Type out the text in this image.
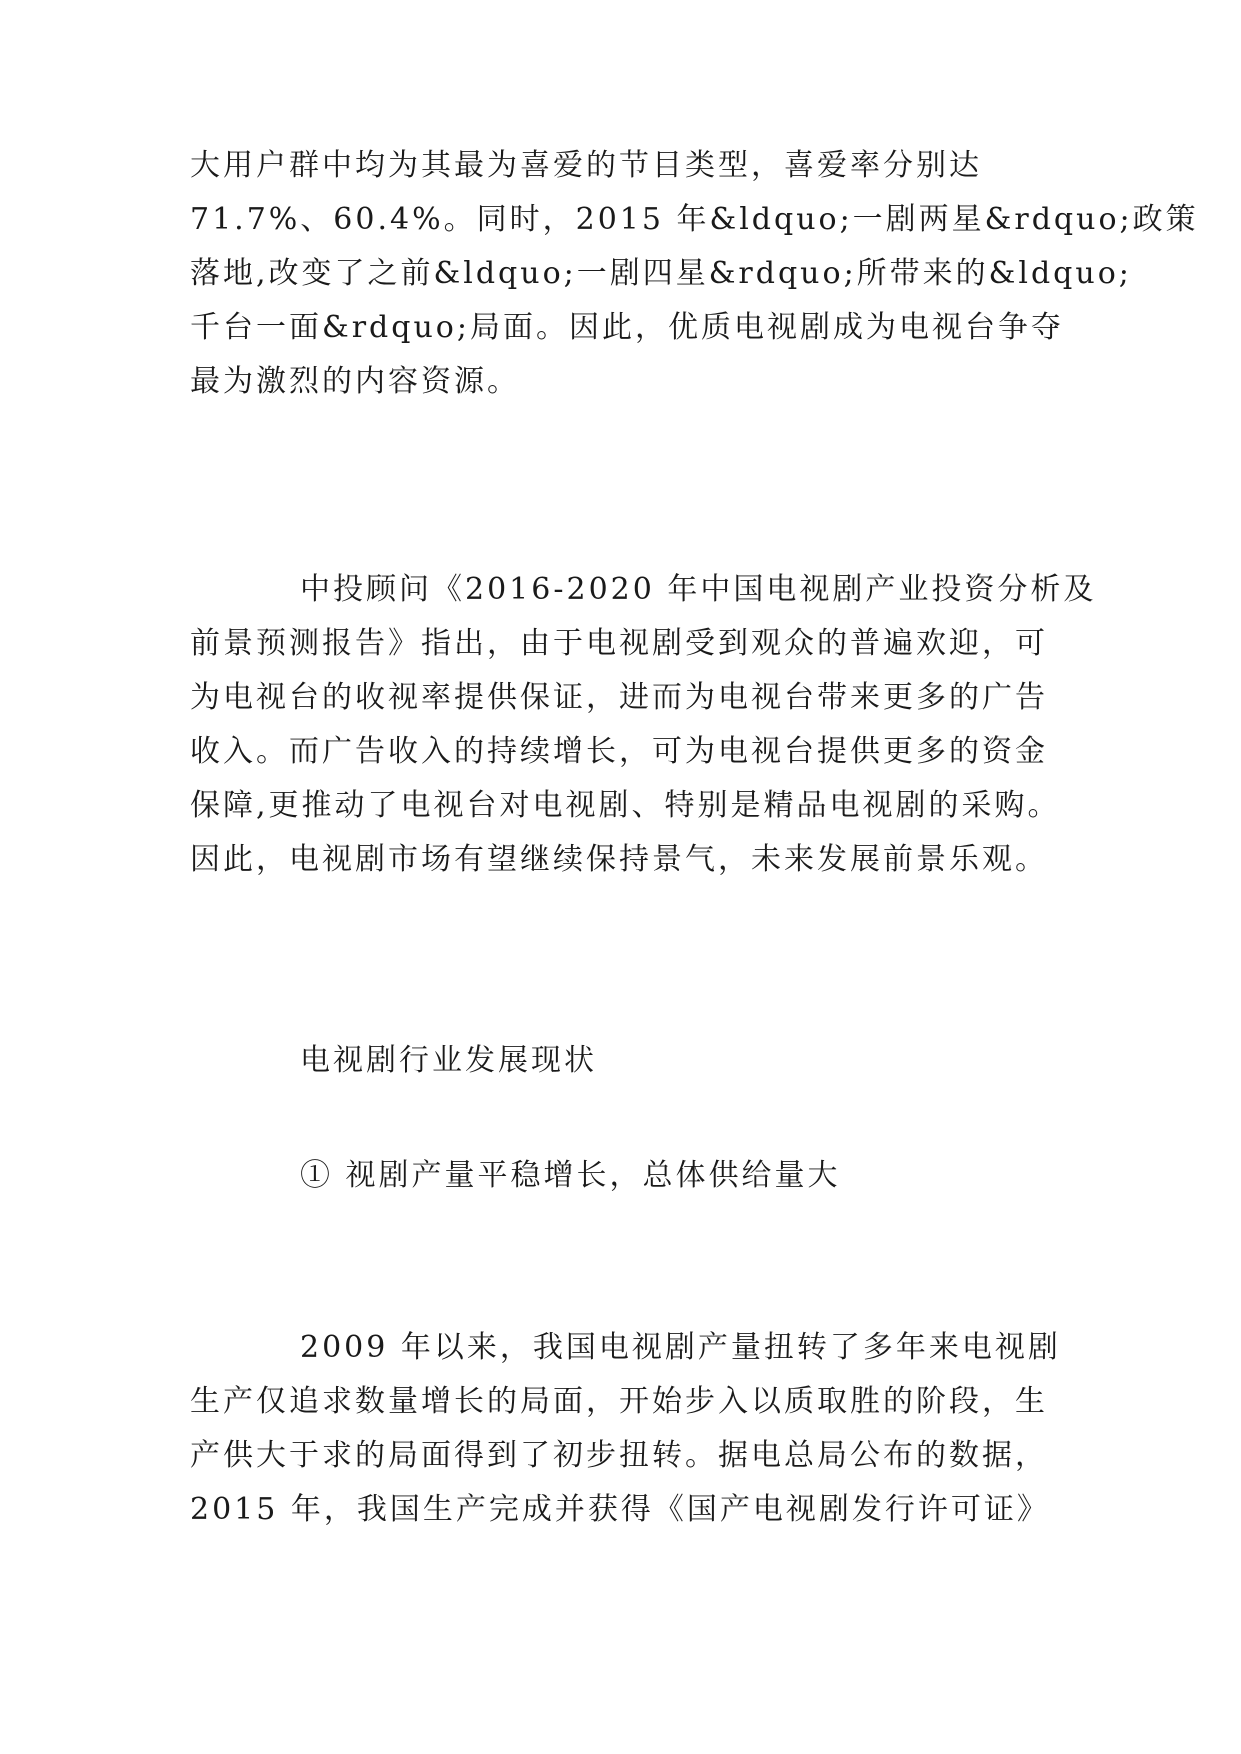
大用户群中均为其最为喜爱的节目类型，喜爱率分别达
71.7%、60.4%。同时，2015 年&ldquo;一剧两星&rdquo;政策
落地,改变了之前&ldquo;一剧四星&rdquo;所带来的&ldquo;
千台一面&rdquo;局面。因此，优质电视剧成为电视台争夺
最为激烈的内容资源。
中投顾问《2016-2020 年中国电视剧产业投资分析及
前景预测报告》指出，由于电视剧受到观众的普遍欢迎，可
为电视台的收视率提供保证，进而为电视台带来更多的广告
收入。而广告收入的持续增长，可为电视台提供更多的资金
保障,更推动了电视台对电视剧、特别是精品电视剧的采购。
因此，电视剧市场有望继续保持景气，未来发展前景乐观。
电视剧行业发展现状
① 视剧产量平稳增长，总体供给量大
2009 年以来，我国电视剧产量扭转了多年来电视剧
生产仅追求数量增长的局面，开始步入以质取胜的阶段，生
产供大于求的局面得到了初步扭转。据电总局公布的数据，
2015 年，我国生产完成并获得《国产电视剧发行许可证》
